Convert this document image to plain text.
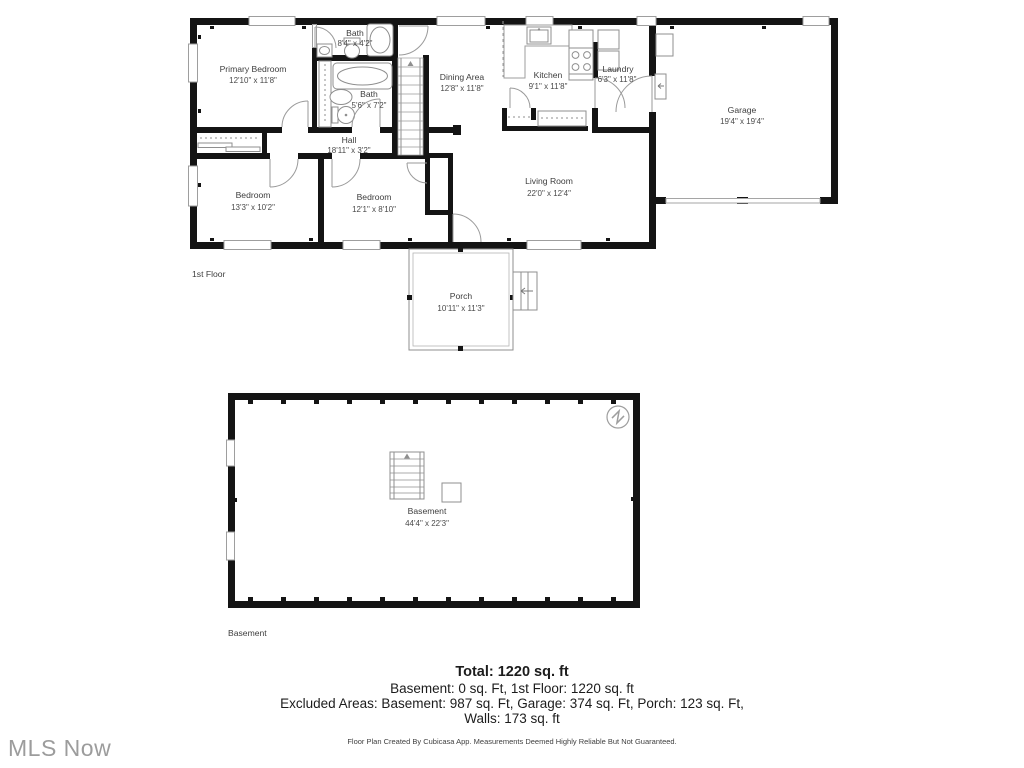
Primary Bedroom
12'10" x 11'8"
Bath
8'4" x 4'2"
Bath
5'6" x 7'2"
Dining Area
12'8" x 11'8"
Kitchen
9'1" x 11'8"
Laundry
6'3" x 11'8"
Garage
19'4" x 19'4"
Hall
18'11" x 3'2"
Bedroom
13'3" x 10'2"
Bedroom
12'1" x 8'10"
Living Room
22'0" x 12'4"
Porch
10'11" x 11'3"
1st Floor
Basement
44'4" x 22'3"
Basement
Total: 1220 sq. ft
Basement: 0 sq. Ft, 1st Floor: 1220 sq. ft
Excluded Areas: Basement: 987 sq. Ft, Garage: 374 sq. Ft, Porch: 123 sq. Ft,
Walls: 173 sq. ft
Floor Plan Created By Cubicasa App. Measurements Deemed Highly Reliable But Not Guaranteed.
MLS Now
